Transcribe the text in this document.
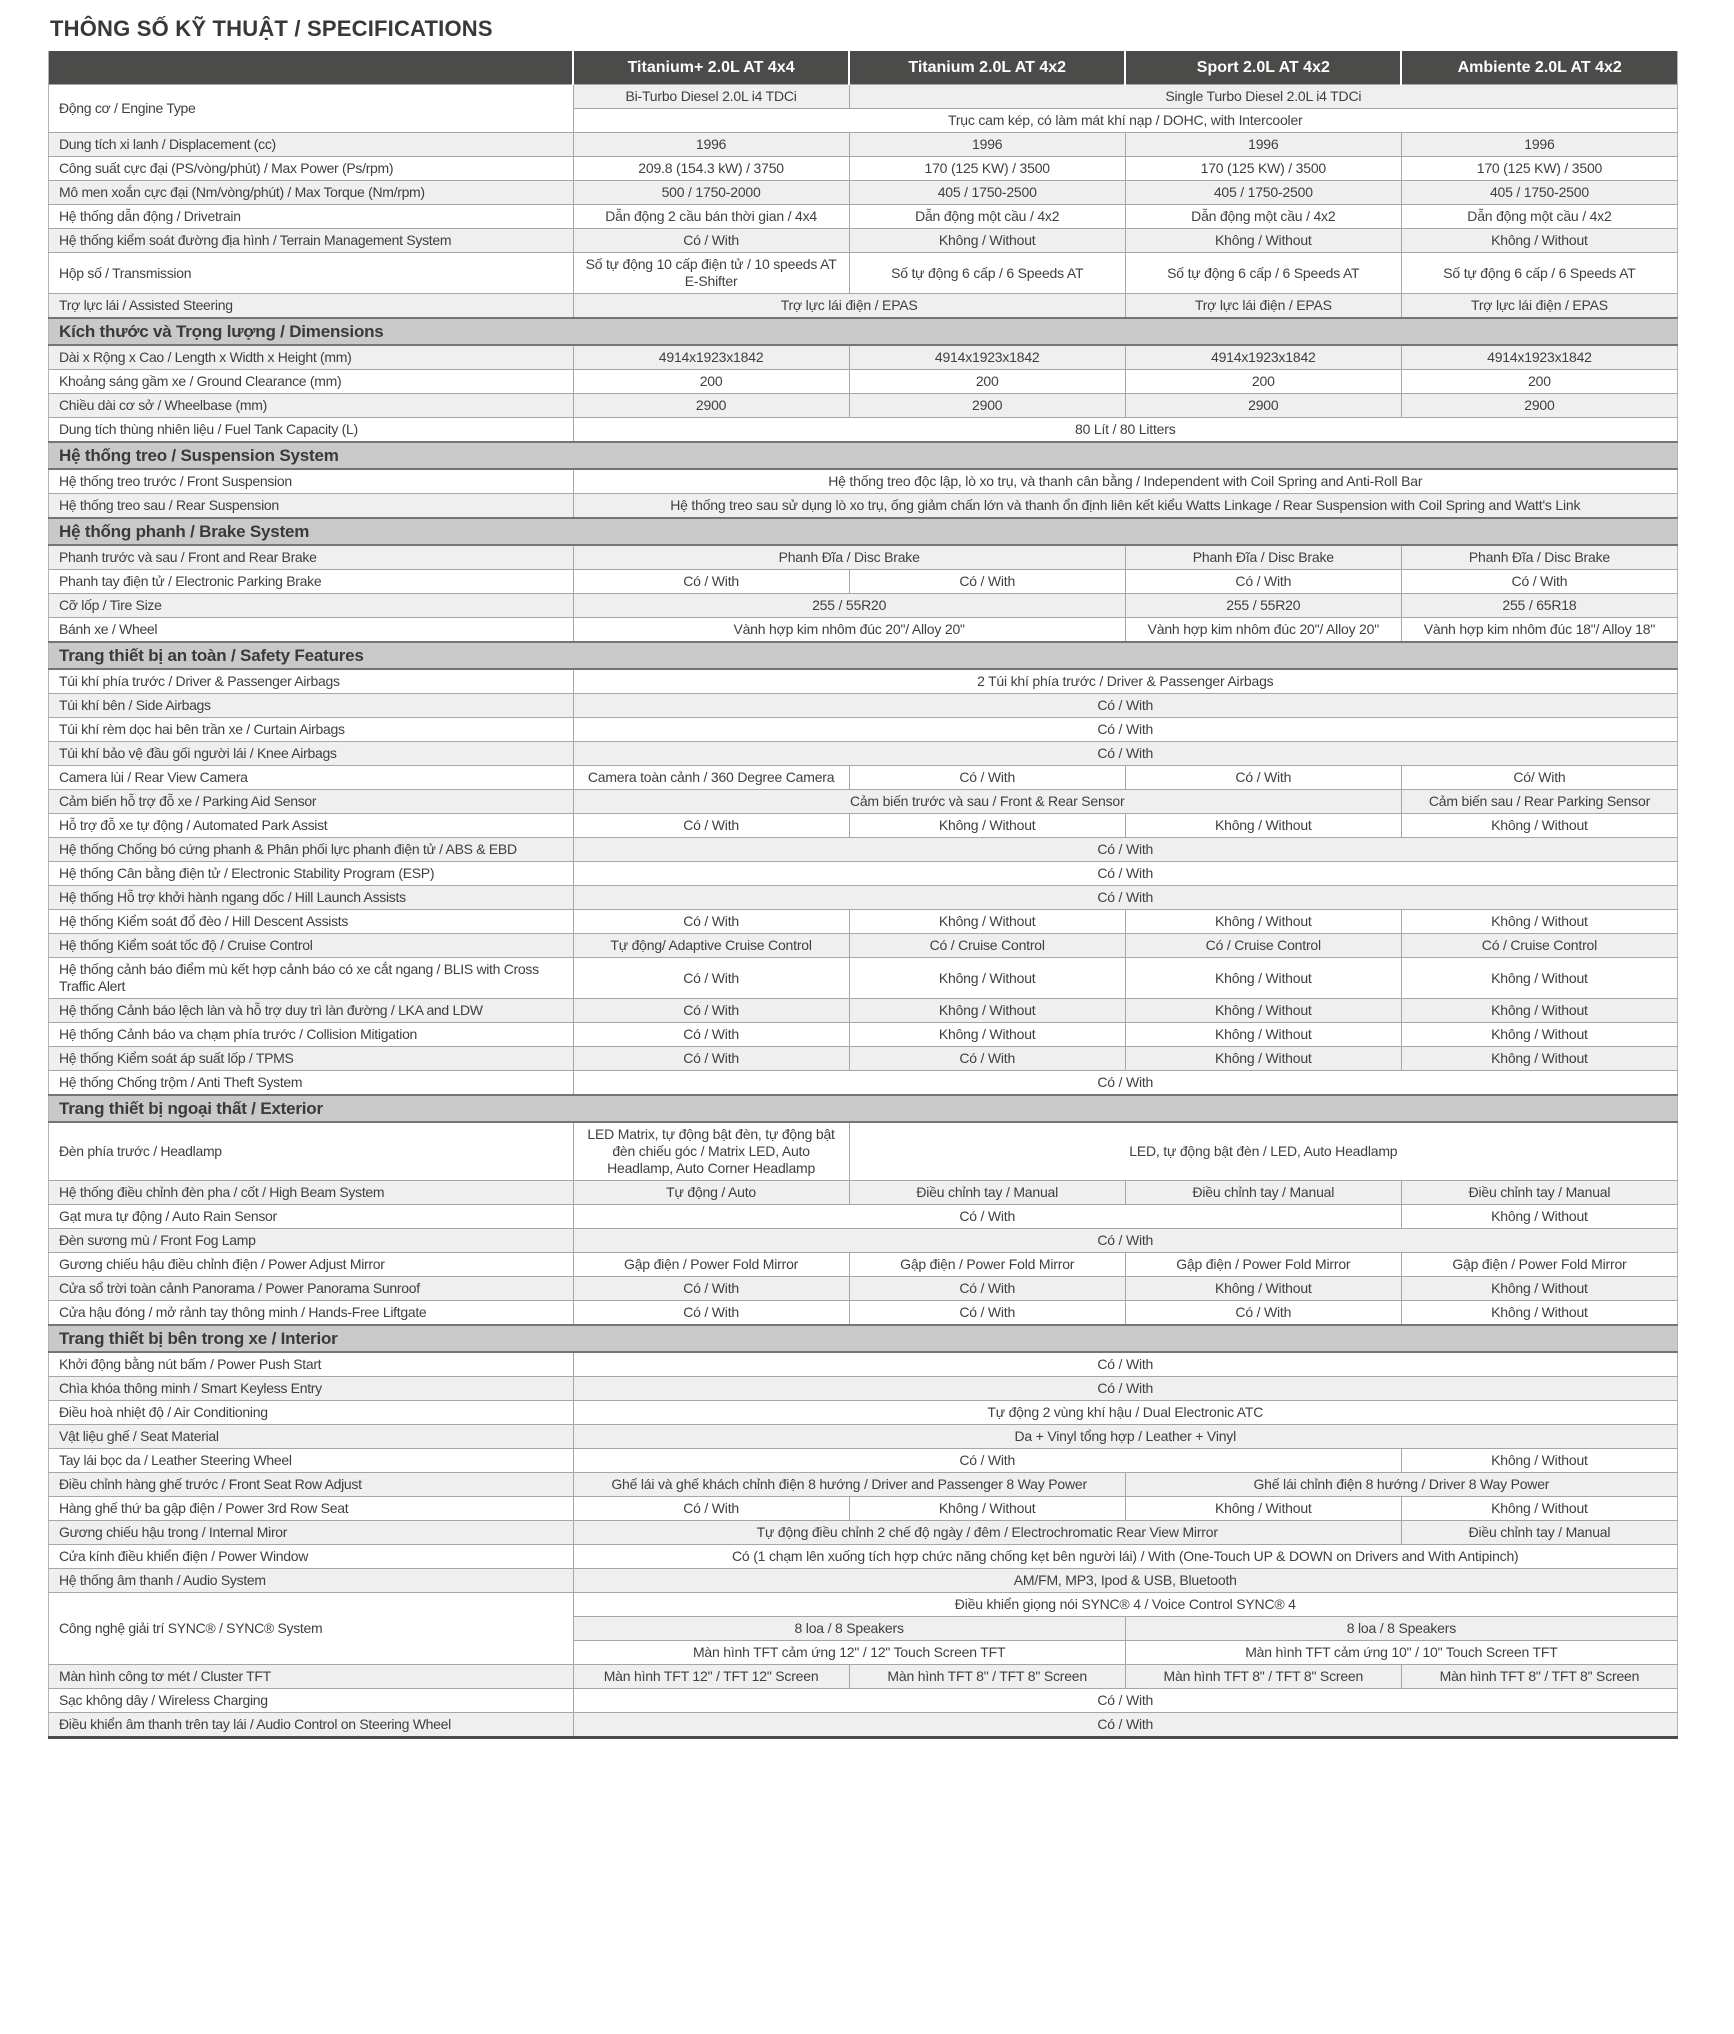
THÔNG SỐ KỸ THUẬT / SPECIFICATIONS
	Titanium+ 2.0L AT 4x4	Titanium 2.0L AT 4x2	Sport 2.0L AT 4x2	Ambiente 2.0L AT 4x2
Động cơ / Engine Type	Bi-Turbo Diesel 2.0L i4 TDCi	Single Turbo Diesel 2.0L i4 TDCi		
	Trục cam kép, có làm mát khí nạp / DOHC, with Intercooler			
Dung tích xi lanh / Displacement (cc)	1996	1996	1996	1996
Công suất cực đại (PS/vòng/phút) / Max Power (Ps/rpm)	209.8 (154.3 kW) / 3750	170 (125 KW) / 3500	170 (125 KW) / 3500	170 (125 KW) / 3500
Mô men xoắn cực đại (Nm/vòng/phút) / Max Torque (Nm/rpm)	500 / 1750-2000	405 / 1750-2500	405 / 1750-2500	405 / 1750-2500
Hệ thống dẫn động / Drivetrain	Dẫn động 2 cầu bán thời gian / 4x4	Dẫn động một cầu / 4x2	Dẫn động một cầu / 4x2	Dẫn động một cầu / 4x2
Hệ thống kiểm soát đường địa hình / Terrain Management System	Có / With	Không / Without	Không / Without	Không / Without
Hộp số / Transmission	Số tự động 10 cấp điện tử / 10 speeds AT E-Shifter	Số tự động 6 cấp / 6 Speeds AT	Số tự động 6 cấp / 6 Speeds AT	Số tự động 6 cấp / 6 Speeds AT
Trợ lực lái / Assisted Steering	Trợ lực lái điện / EPAS		Trợ lực lái điện / EPAS	Trợ lực lái điện / EPAS
Kích thước và Trọng lượng / Dimensions				
Dài x Rộng x Cao / Length x Width x Height (mm)	4914x1923x1842	4914x1923x1842	4914x1923x1842	4914x1923x1842
Khoảng sáng gầm xe / Ground Clearance (mm)	200	200	200	200
Chiều dài cơ sở / Wheelbase (mm)	2900	2900	2900	2900
Dung tích thùng nhiên liệu / Fuel Tank Capacity (L)	80 Lít / 80 Litters			
Hệ thống treo / Suspension System				
Hệ thống treo trước / Front Suspension	Hệ thống treo độc lập, lò xo trụ, và thanh cân bằng / Independent with Coil Spring and Anti-Roll Bar			
Hệ thống treo sau / Rear Suspension	Hệ thống treo sau sử dụng lò xo trụ, ống giảm chấn lớn và thanh ổn định liên kết kiểu Watts Linkage / Rear Suspension with Coil Spring and Watt's Link			
Hệ thống phanh / Brake System				
Phanh trước và sau / Front and Rear Brake	Phanh Đĩa / Disc Brake		Phanh Đĩa / Disc Brake	Phanh Đĩa / Disc Brake
Phanh tay điện tử / Electronic Parking Brake	Có / With	Có / With	Có / With	Có / With
Cỡ lốp / Tire Size	255 / 55R20		255 / 55R20	255 / 65R18
Bánh xe / Wheel	Vành hợp kim nhôm đúc 20"/ Alloy 20"		Vành hợp kim nhôm đúc 20"/ Alloy 20"	Vành hợp kim nhôm đúc 18"/ Alloy 18"
Trang thiết bị an toàn / Safety Features				
Túi khí phía trước / Driver & Passenger Airbags	2 Túi khí phía trước / Driver & Passenger Airbags			
Túi khí bên / Side Airbags	Có / With			
Túi khí rèm dọc hai bên trần xe / Curtain Airbags	Có / With			
Túi khí bảo vệ đầu gối người lái / Knee Airbags	Có / With			
Camera lùi / Rear View Camera	Camera toàn cảnh / 360 Degree Camera	Có / With	Có / With	Có/ With
Cảm biến hỗ trợ đỗ xe / Parking Aid Sensor	Cảm biến trước và sau / Front & Rear Sensor			Cảm biến sau / Rear Parking Sensor
Hỗ trợ đỗ xe tự động / Automated Park Assist	Có / With	Không / Without	Không / Without	Không / Without
Hệ thống Chống bó cứng phanh & Phân phối lực phanh điện tử / ABS & EBD	Có / With			
Hệ thống Cân bằng điện tử / Electronic Stability Program (ESP)	Có / With			
Hệ thống Hỗ trợ khởi hành ngang dốc / Hill Launch Assists	Có / With			
Hệ thống Kiểm soát đổ đèo / Hill Descent Assists	Có / With	Không / Without	Không / Without	Không / Without
Hệ thống Kiểm soát tốc độ / Cruise Control	Tự động/ Adaptive Cruise Control	Có / Cruise Control	Có / Cruise Control	Có / Cruise Control
Hệ thống cảnh báo điểm mù kết hợp cảnh báo có xe cắt ngang / BLIS with Cross Traffic Alert	Có / With	Không / Without	Không / Without	Không / Without
Hệ thống Cảnh báo lệch làn và hỗ trợ duy trì làn đường / LKA and LDW	Có / With	Không / Without	Không / Without	Không / Without
Hệ thống Cảnh báo va chạm phía trước / Collision Mitigation	Có / With	Không / Without	Không / Without	Không / Without
Hệ thống Kiểm soát áp suất lốp / TPMS	Có / With	Có / With	Không / Without	Không / Without
Hệ thống Chống trộm / Anti Theft System	Có / With			
Trang thiết bị ngoại thất / Exterior				
Đèn phía trước / Headlamp	LED Matrix, tự động bật đèn, tự động bật đèn chiếu góc / Matrix LED, Auto Headlamp, Auto Corner Headlamp	LED, tự động bật đèn / LED, Auto Headlamp		
Hệ thống điều chỉnh đèn pha / cốt / High Beam System	Tự động / Auto	Điều chỉnh tay / Manual	Điều chỉnh tay / Manual	Điều chỉnh tay / Manual
Gạt mưa tự động / Auto Rain Sensor	Có / With			Không / Without
Đèn sương mù / Front Fog Lamp	Có / With			
Gương chiếu hậu điều chỉnh điện / Power Adjust Mirror	Gập điện / Power Fold Mirror	Gập điện / Power Fold Mirror	Gập điện / Power Fold Mirror	Gập điện / Power Fold Mirror
Cửa sổ trời toàn cảnh Panorama / Power Panorama Sunroof	Có / With	Có / With	Không / Without	Không / Without
Cửa hậu đóng / mở rảnh tay thông minh / Hands-Free Liftgate	Có / With	Có / With	Có / With	Không / Without
Trang thiết bị bên trong xe / Interior				
Khởi động bằng nút bấm / Power Push Start	Có / With			
Chìa khóa thông minh / Smart Keyless Entry	Có / With			
Điều hoà nhiệt độ / Air Conditioning	Tự động 2 vùng khí hậu / Dual Electronic ATC			
Vật liệu ghế / Seat Material	Da + Vinyl tổng hợp / Leather + Vinyl			
Tay lái bọc da / Leather Steering Wheel	Có / With			Không / Without
Điều chỉnh hàng ghế trước / Front Seat Row Adjust	Ghế lái và ghế khách chỉnh điện 8 hướng / Driver and Passenger 8 Way Power		Ghế lái chỉnh điện 8 hướng / Driver 8 Way Power	
Hàng ghế thứ ba gập điện / Power 3rd Row Seat	Có / With	Không / Without	Không / Without	Không / Without
Gương chiếu hậu trong / Internal Miror	Tự động điều chỉnh 2 chế độ ngày / đêm / Electrochromatic Rear View Mirror			Điều chỉnh tay / Manual
Cửa kính điều khiển điện / Power Window	Có (1 chạm lên xuống tích hợp chức năng chống kẹt bên người lái) / With (One-Touch UP & DOWN on Drivers and With Antipinch)			
Hệ thống âm thanh / Audio System	AM/FM, MP3, Ipod & USB, Bluetooth			
Công nghệ giải trí SYNC® / SYNC® System	Điều khiển giọng nói SYNC® 4 / Voice Control SYNC® 4			
	8 loa / 8 Speakers		8 loa / 8 Speakers	
	Màn hình TFT cảm ứng 12" / 12" Touch Screen TFT		Màn hình TFT cảm ứng 10" / 10" Touch Screen TFT	
Màn hình công tơ mét / Cluster TFT	Màn hình TFT 12" / TFT 12" Screen	Màn hình TFT 8" / TFT 8" Screen	Màn hình TFT 8" / TFT 8" Screen	Màn hình TFT 8" / TFT 8" Screen
Sạc không dây / Wireless Charging	Có / With			
Điều khiển âm thanh trên tay lái / Audio Control on Steering Wheel	Có / With			
